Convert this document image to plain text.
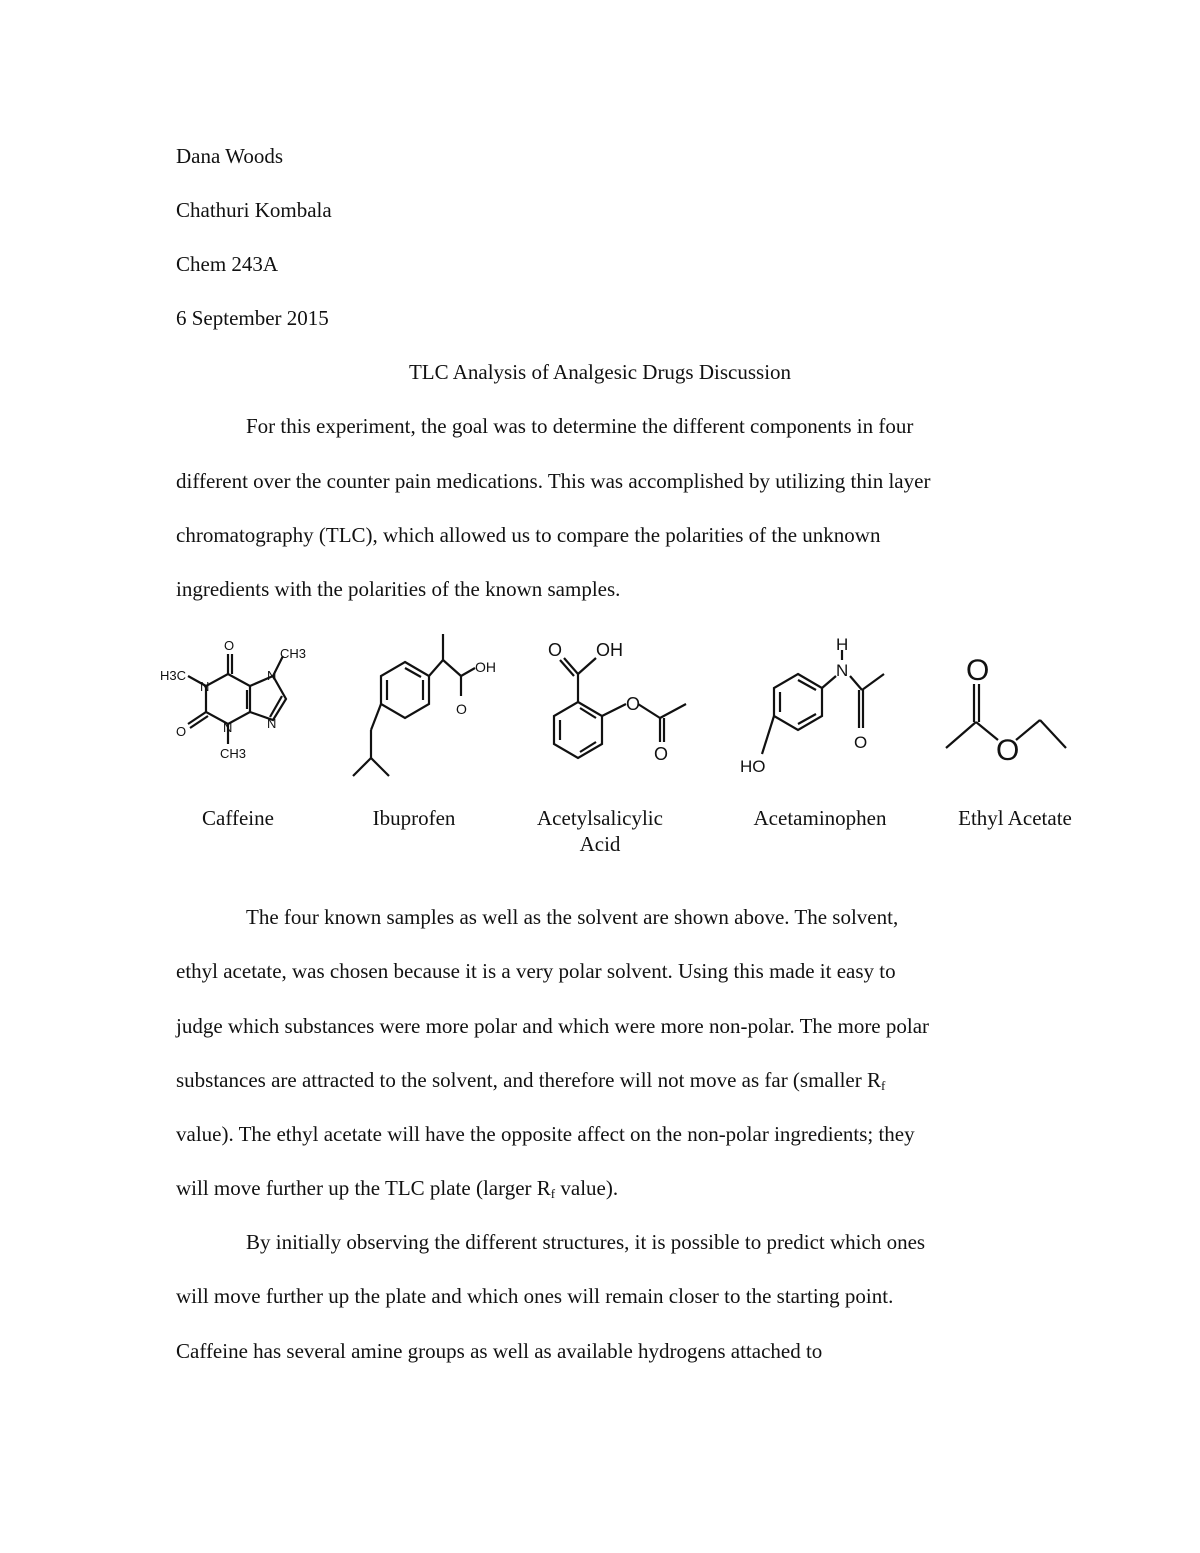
Dana Woods
Chathuri Kombala
Chem 243A
6 September 2015
TLC Analysis of Analgesic Drugs Discussion
For this experiment, the goal was to determine the different components in four
different over the counter pain medications. This was accomplished by utilizing thin layer
chromatography (TLC), which allowed us to compare the polarities of the unknown
ingredients with the polarities of the known samples.
O
CH3
H3C
N
N
N
N
O
CH3
OH
O
O OH
O
O
H
N
O
HO
O
O
Caffeine	Ibuprofen	Acetylsalicylic
Acid
Acetaminophen	Ethyl Acetate
The four known samples as well as the solvent are shown above. The solvent,
ethyl acetate, was chosen because it is a very polar solvent. Using this made it easy to
judge which substances were more polar and which were more non-polar. The more polar
substances are attracted to the solvent, and therefore will not move as far (smaller $R_f$
value). The ethyl acetate will have the opposite affect on the non-polar ingredients; they
will move further up the TLC plate (larger $R_f$ value).
By initially observing the different structures, it is possible to predict which ones
will move further up the plate and which ones will remain closer to the starting point.
Caffeine has several amine groups as well as available hydrogens attached to
